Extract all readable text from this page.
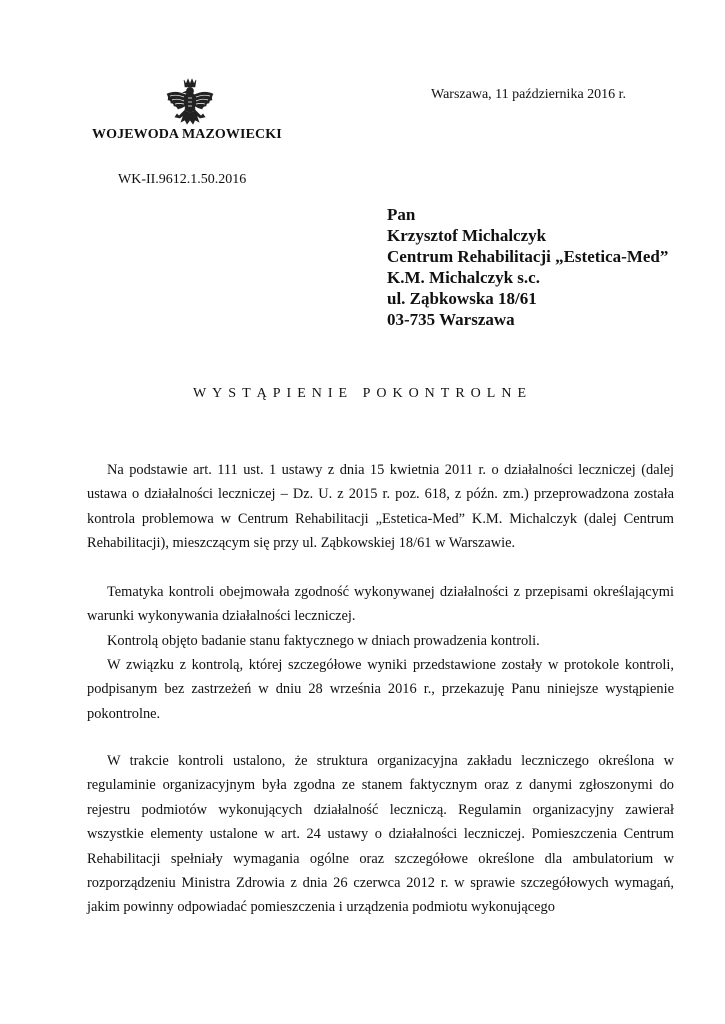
WOJEWODA MAZOWIECKI
Warszawa, 11 października 2016 r.
WK-II.9612.1.50.2016
Pan
Krzysztof Michalczyk
Centrum Rehabilitacji „Estetica-Med”
K.M. Michalczyk s.c.
ul. Ząbkowska 18/61
03-735 Warszawa
WYSTĄPIENIE POKONTROLNE

Na podstawie art. 111 ust. 1 ustawy z dnia 15 kwietnia 2011 r. o działalności leczniczej (dalej ustawa o działalności leczniczej – Dz. U. z 2015 r. poz. 618, z późn. zm.) przeprowadzona została kontrola problemowa w Centrum Rehabilitacji „Estetica-Med” K.M. Michalczyk (dalej Centrum Rehabilitacji), mieszczącym się przy ul. Ząbkowskiej 18/61 w Warszawie.

Tematyka kontroli obejmowała zgodność wykonywanej działalności z przepisami określającymi warunki wykonywania działalności leczniczej.

Kontrolą objęto badanie stanu faktycznego w dniach prowadzenia kontroli.

W związku z kontrolą, której szczegółowe wyniki przedstawione zostały w protokole kontroli, podpisanym bez zastrzeżeń w dniu 28 września 2016 r., przekazuję Panu niniejsze wystąpienie pokontrolne.

W trakcie kontroli ustalono, że struktura organizacyjna zakładu leczniczego określona w regulaminie organizacyjnym była zgodna ze stanem faktycznym oraz z danymi zgłoszonymi do rejestru podmiotów wykonujących działalność leczniczą. Regulamin organizacyjny zawierał wszystkie elementy ustalone w art. 24 ustawy o działalności leczniczej. Pomieszczenia Centrum Rehabilitacji spełniały wymagania ogólne oraz szczegółowe określone dla ambulatorium w rozporządzeniu Ministra Zdrowia z dnia 26 czerwca 2012 r. w sprawie szczegółowych wymagań, jakim powinny odpowiadać pomieszczenia i urządzenia podmiotu wykonującego
